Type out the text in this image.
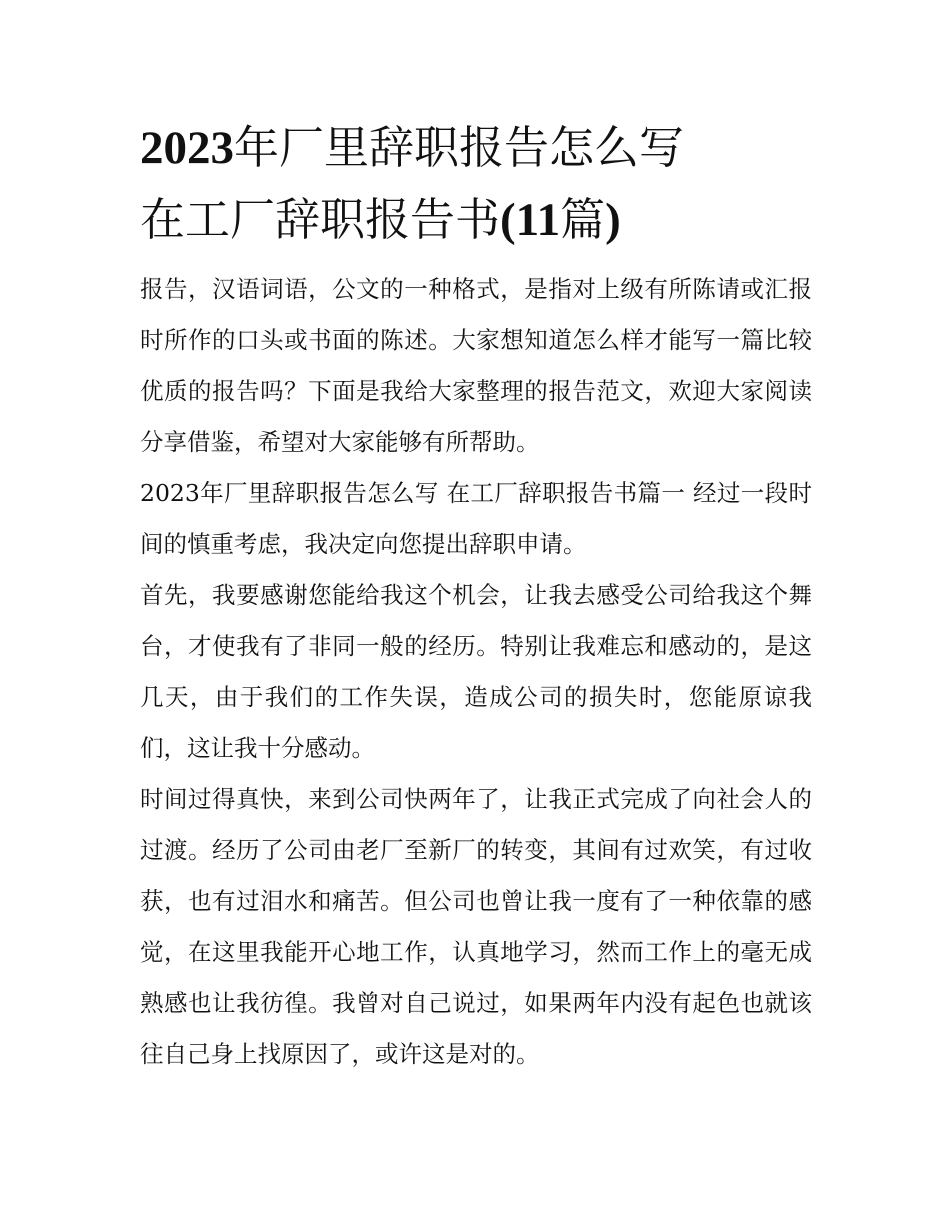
2023年厂里辞职报告怎么写
在工厂辞职报告书(11篇)

报告，汉语词语，公文的一种格式，是指对上级有所陈请或汇报时所作的口头或书面的陈述。大家想知道怎么样才能写一篇比较优质的报告吗？下面是我给大家整理的报告范文，欢迎大家阅读分享借鉴，希望对大家能够有所帮助。

2023年厂里辞职报告怎么写 在工厂辞职报告书篇一 经过一段时间的慎重考虑，我决定向您提出辞职申请。

首先，我要感谢您能给我这个机会，让我去感受公司给我这个舞台，才使我有了非同一般的经历。特别让我难忘和感动的，是这几天，由于我们的工作失误，造成公司的损失时，您能原谅我们，这让我十分感动。

时间过得真快，来到公司快两年了，让我正式完成了向社会人的过渡。经历了公司由老厂至新厂的转变，其间有过欢笑，有过收获，也有过泪水和痛苦。但公司也曾让我一度有了一种依靠的感觉，在这里我能开心地工作，认真地学习，然而工作上的毫无成熟感也让我彷徨。我曾对自己说过，如果两年内没有起色也就该往自己身上找原因了，或许这是对的。
